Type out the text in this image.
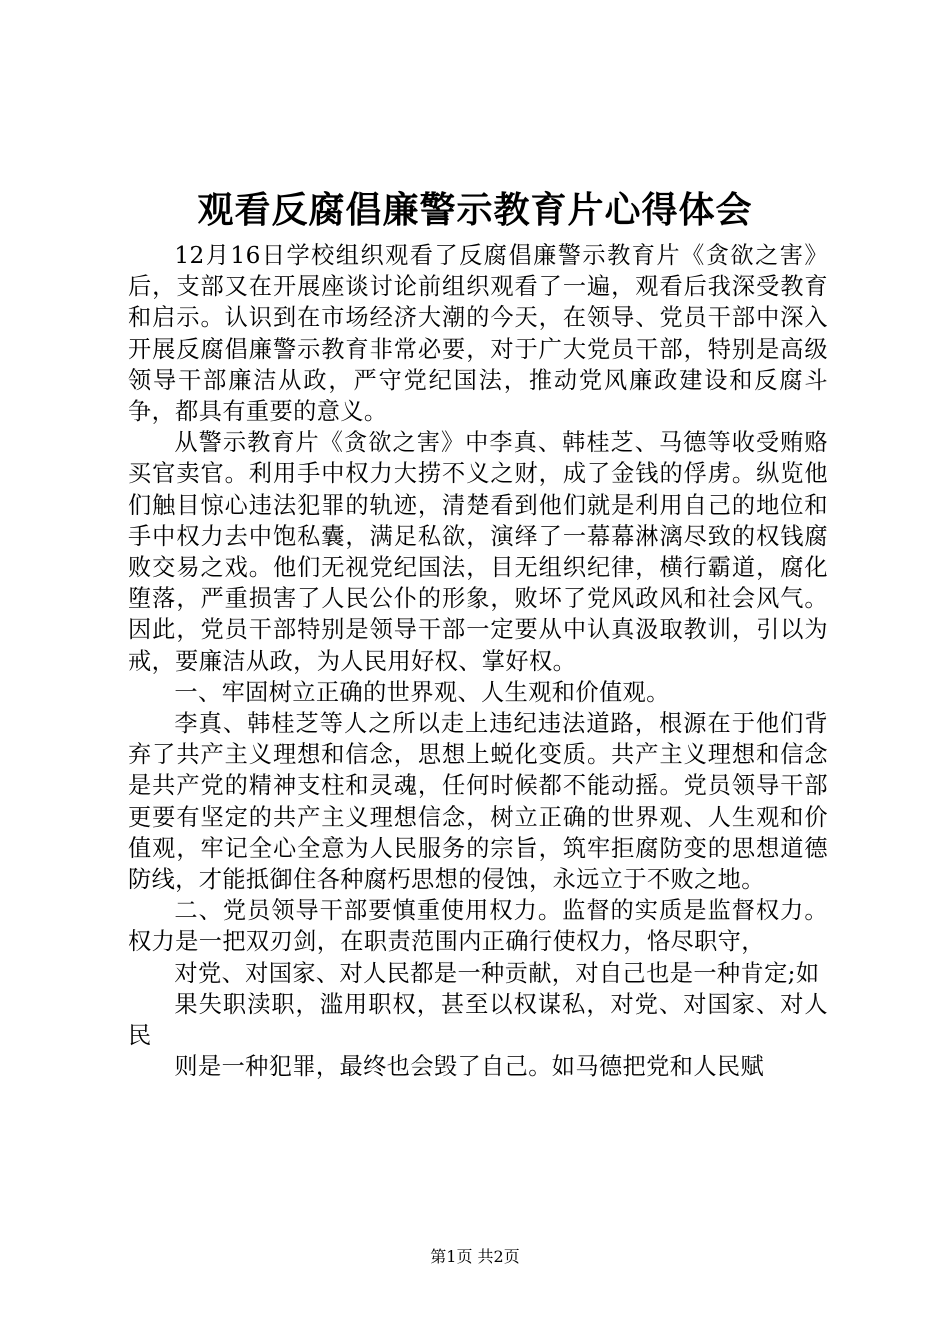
观看反腐倡廉警示教育片心得体会

12月16日学校组织观看了反腐倡廉警示教育片《贪欲之害》后，支部又在开展座谈讨论前组织观看了一遍，观看后我深受教育和启示。认识到在市场经济大潮的今天，在领导、党员干部中深入开展反腐倡廉警示教育非常必要，对于广大党员干部，特别是高级领导干部廉洁从政，严守党纪国法，推动党风廉政建设和反腐斗争，都具有重要的意义。

从警示教育片《贪欲之害》中李真、韩桂芝、马德等收受贿赂买官卖官。利用手中权力大捞不义之财，成了金钱的俘虏。纵览他们触目惊心违法犯罪的轨迹，清楚看到他们就是利用自己的地位和手中权力去中饱私囊，满足私欲，演绎了一幕幕淋漓尽致的权钱腐败交易之戏。他们无视党纪国法，目无组织纪律，横行霸道，腐化堕落，严重损害了人民公仆的形象，败坏了党风政风和社会风气。因此，党员干部特别是领导干部一定要从中认真汲取教训，引以为戒，要廉洁从政，为人民用好权、掌好权。

一、牢固树立正确的世界观、人生观和价值观。

李真、韩桂芝等人之所以走上违纪违法道路，根源在于他们背弃了共产主义理想和信念，思想上蜕化变质。共产主义理想和信念是共产党的精神支柱和灵魂，任何时候都不能动摇。党员领导干部更要有坚定的共产主义理想信念，树立正确的世界观、人生观和价值观，牢记全心全意为人民服务的宗旨，筑牢拒腐防变的思想道德防线，才能抵御住各种腐朽思想的侵蚀，永远立于不败之地。

二、党员领导干部要慎重使用权力。监督的实质是监督权力。权力是一把双刃剑，在职责范围内正确行使权力，恪尽职守，

对党、对国家、对人民都是一种贡献，对自己也是一种肯定;如

果失职渎职，滥用职权，甚至以权谋私，对党、对国家、对人民

则是一种犯罪，最终也会毁了自己。如马德把党和人民赋

第1页 共2页
